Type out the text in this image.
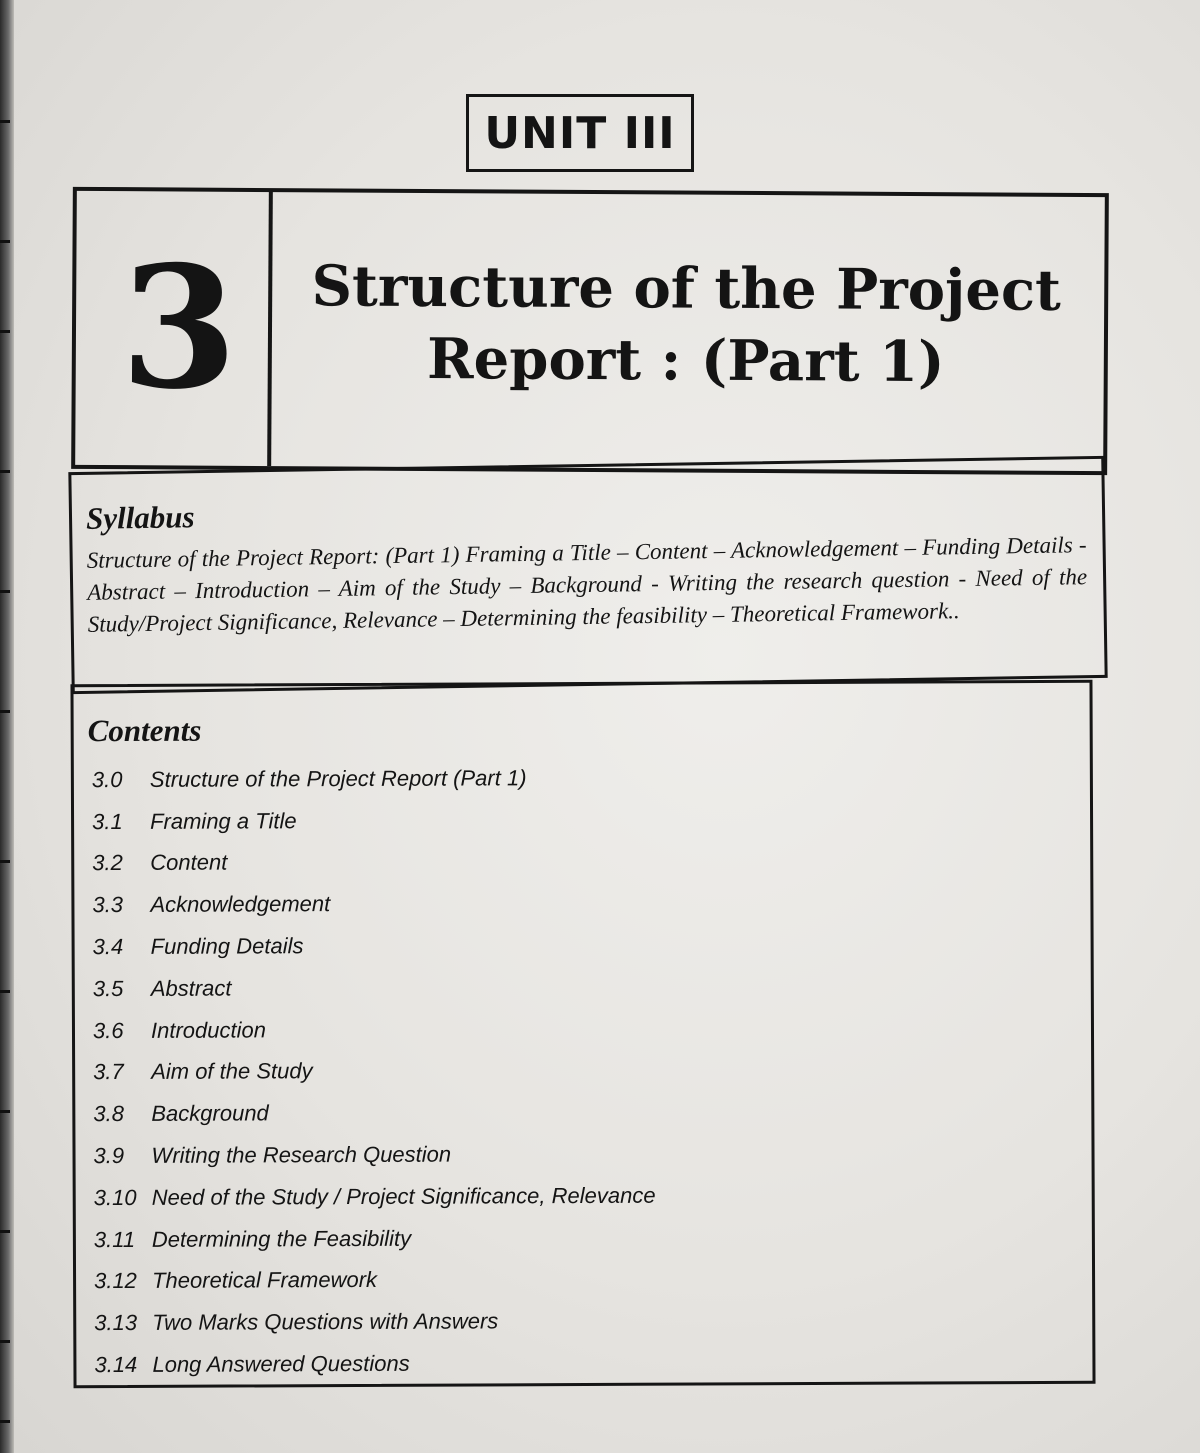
UNIT III
3	Structure of the Project
Report : (Part 1)
Syllabus
Structure of the Project Report: (Part 1) Framing a Title – Content – Acknowledgement – Funding Details -Abstract – Introduction – Aim of the Study – Background - Writing the research question - Need of the Study/Project Significance, Relevance – Determining the feasibility – Theoretical Framework..
Contents
3.0	Structure of the Project Report (Part 1)
3.1	Framing a Title
3.2	Content
3.3	Acknowledgement
3.4	Funding Details
3.5	Abstract
3.6	Introduction
3.7	Aim of the Study
3.8	Background
3.9	Writing the Research Question
3.10 Need of the Study / Project Significance, Relevance
3.11 Determining the Feasibility
3.12 Theoretical Framework
3.13 Two Marks Questions with Answers
3.14 Long Answered Questions
